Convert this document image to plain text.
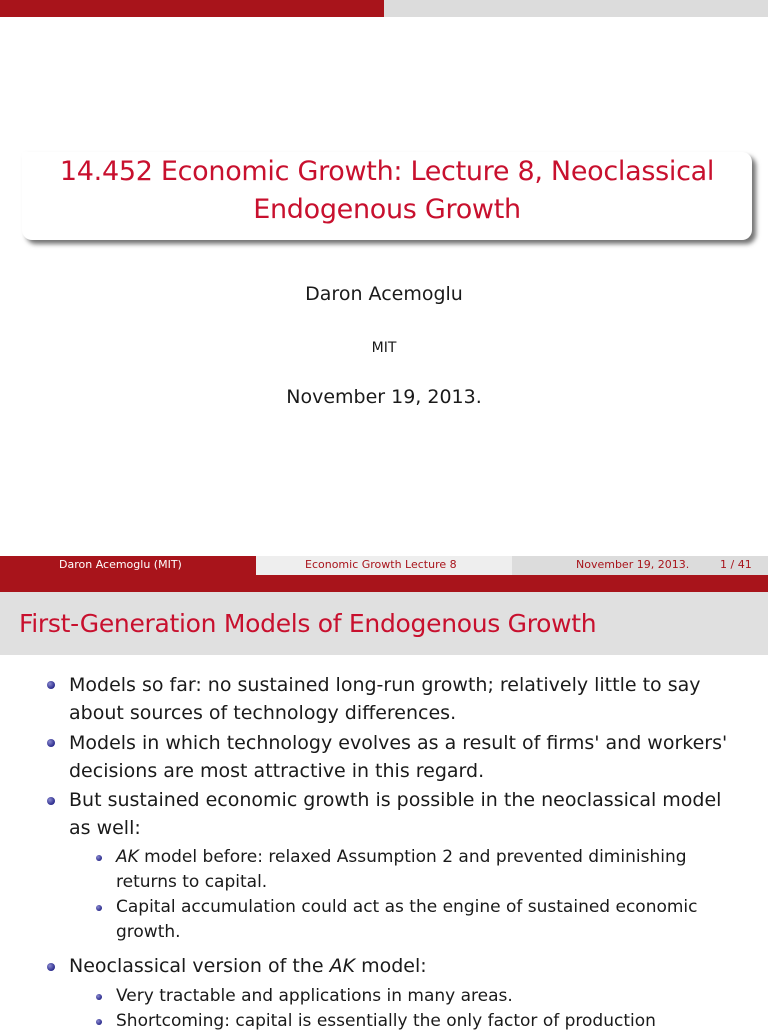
14.452 Economic Growth: Lecture 8, Neoclassical
Endogenous Growth
Daron Acemoglu
MIT
November 19, 2013.
Daron Acemoglu (MIT)	Economic Growth Lecture 8	November 19, 2013.	1 / 41
First-Generation Models of Endogenous Growth
Models so far: no sustained long-run growth; relatively little to say
about sources of technology differences.
Models in which technology evolves as a result of firms' and workers'
decisions are most attractive in this regard.
But sustained economic growth is possible in the neoclassical model
as well:
AK model before: relaxed Assumption 2 and prevented diminishing
returns to capital.
Capital accumulation could act as the engine of sustained economic
growth.
Neoclassical version of the AK model:
Very tractable and applications in many areas.
Shortcoming: capital is essentially the only factor of production
